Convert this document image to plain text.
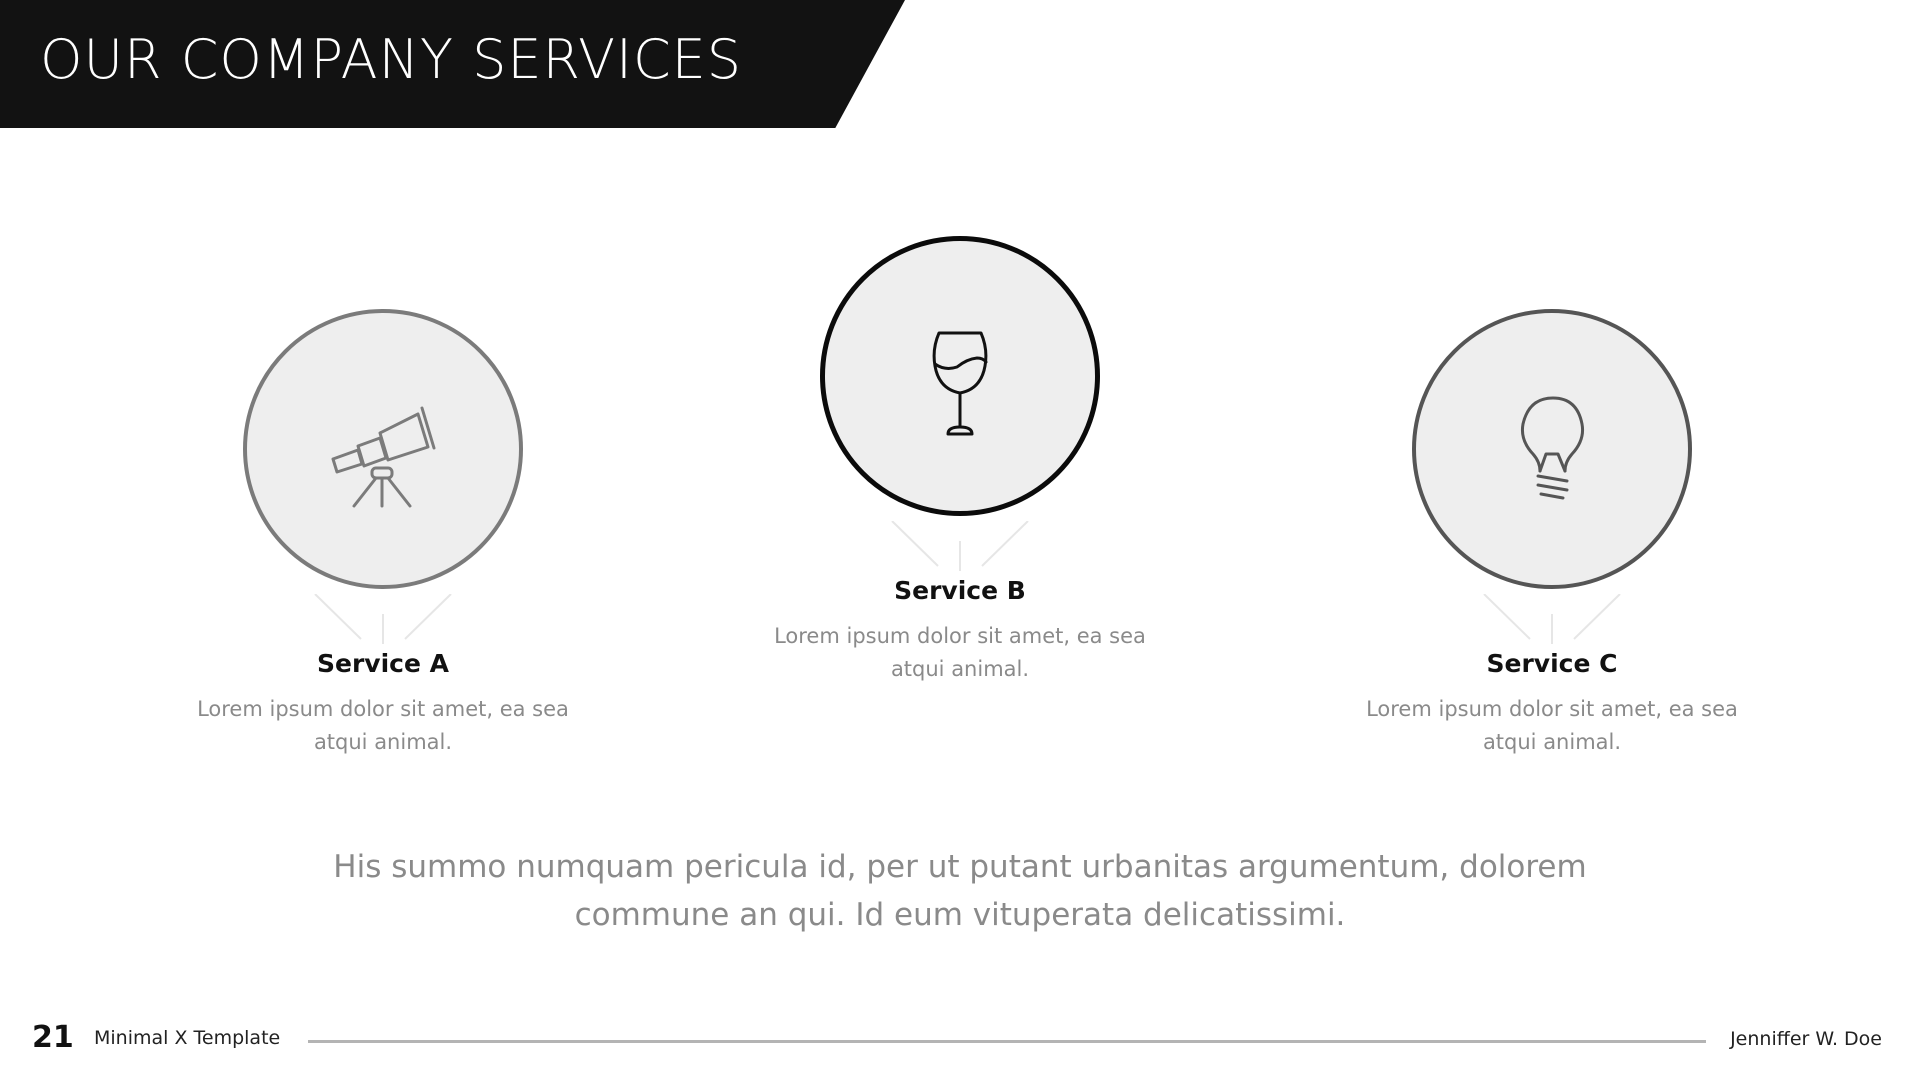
OUR COMPANY SERVICES
Service A
Lorem ipsum dolor sit amet, ea sea atqui animal.
Service B
Lorem ipsum dolor sit amet, ea sea atqui animal.	Service C
Lorem ipsum dolor sit amet, ea sea atqui animal.
His summo numquam pericula id, per ut putant urbanitas argumentum, dolorem commune an qui. Id eum vituperata delicatissimi.
21 Minimal X Template	Jenniffer W. Doe
